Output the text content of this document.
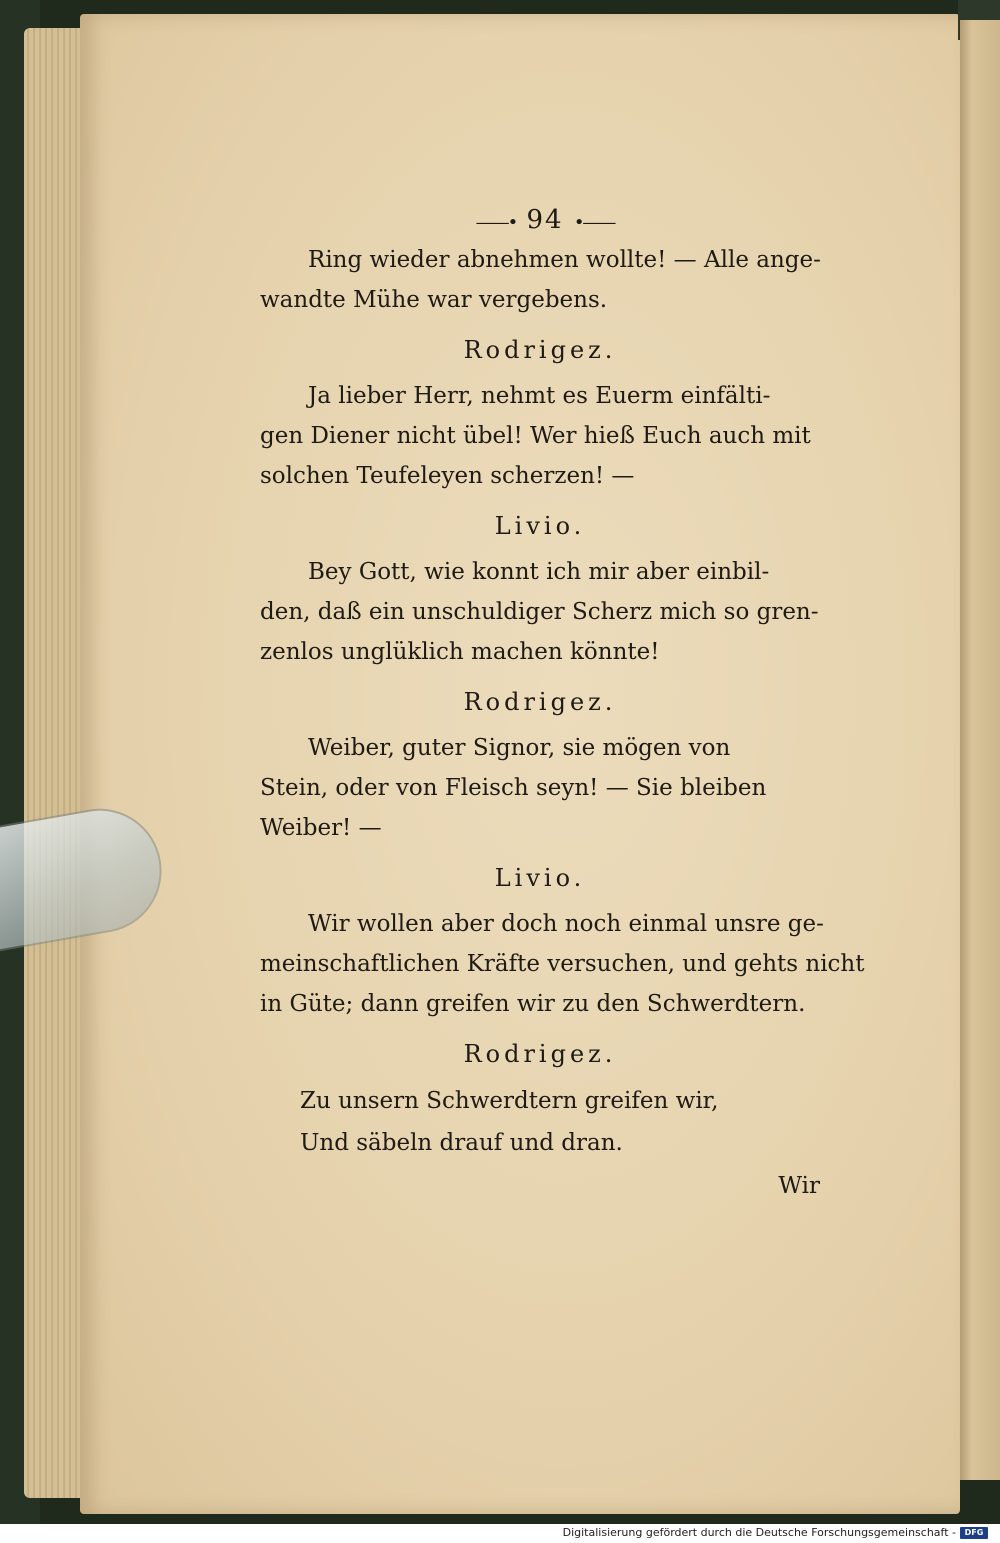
——• 94 •——
Ring wieder abnehmen wollte! — Alle ange-
wandte Mühe war vergebens.
Rodrigez.
Ja lieber Herr, nehmt es Euerm einfälti-
gen Diener nicht übel! Wer hieß Euch auch mit
solchen Teufeleyen scherzen! —
Livio.
Bey Gott, wie konnt ich mir aber einbil-
den, daß ein unschuldiger Scherz mich so gren-
zenlos unglüklich machen könnte!
Rodrigez.
Weiber, guter Signor, sie mögen von
Stein, oder von Fleisch seyn! — Sie bleiben
Weiber! —
Livio.
Wir wollen aber doch noch einmal unsre ge-
meinschaftlichen Kräfte versuchen, und gehts nicht
in Güte; dann greifen wir zu den Schwerdtern.
Rodrigez.
Zu unsern Schwerdtern greifen wir,
Und säbeln drauf und dran.
Wir
Digitalisierung gefördert durch die Deutsche Forschungsgemeinschaft -	DFG
